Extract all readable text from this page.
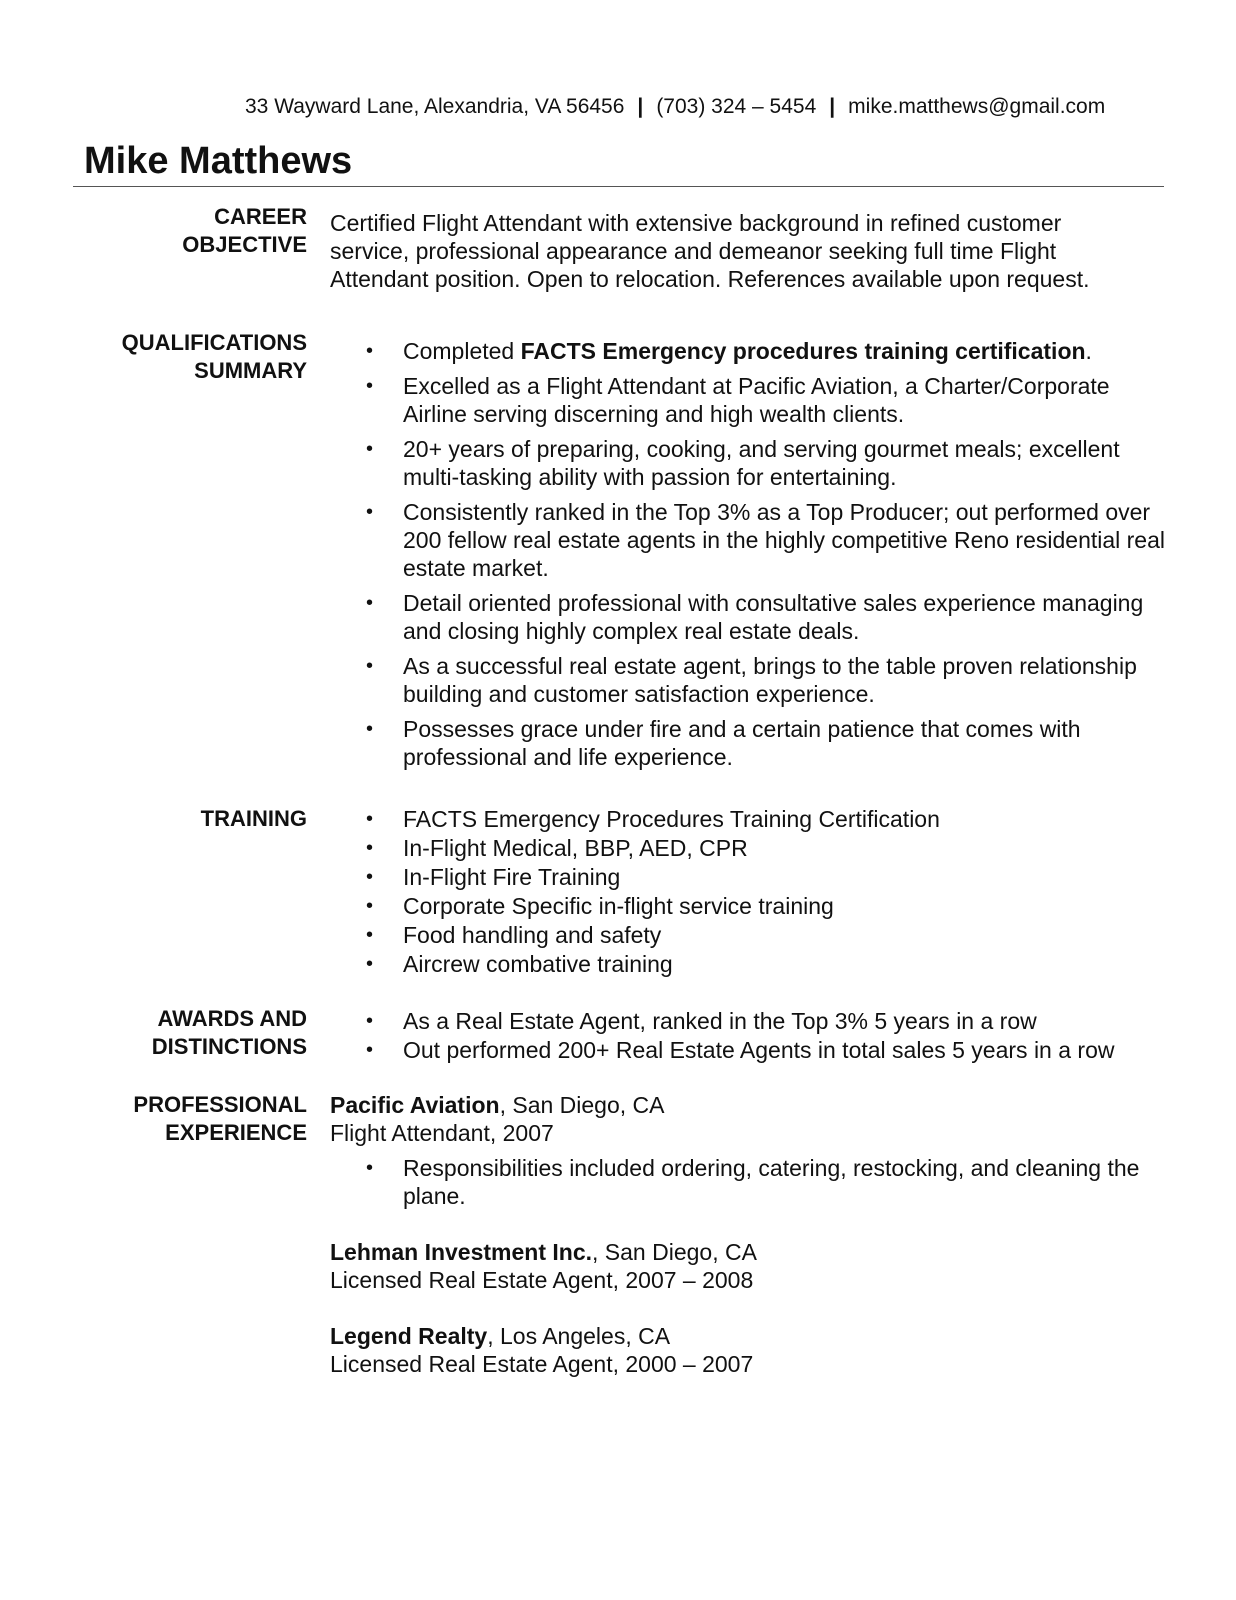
33 Wayward Lane, Alexandria, VA 56456 | (703) 324 – 5454 | mike.matthews@gmail.com
Mike Matthews
CAREER
OBJECTIVE
Certified Flight Attendant with extensive background in refined customer
service, professional appearance and demeanor seeking full time Flight
Attendant position. Open to relocation. References available upon request.
QUALIFICATIONS
SUMMARY
• Completed FACTS Emergency procedures training certification.
• Excelled as a Flight Attendant at Pacific Aviation, a Charter/Corporate Airline serving discerning and high wealth clients.
• 20+ years of preparing, cooking, and serving gourmet meals; excellent multi-tasking ability with passion for entertaining.
• Consistently ranked in the Top 3% as a Top Producer; out performed over 200 fellow real estate agents in the highly competitive Reno residential real estate market.
• Detail oriented professional with consultative sales experience managing and closing highly complex real estate deals.
• As a successful real estate agent, brings to the table proven relationship building and customer satisfaction experience.
• Possesses grace under fire and a certain patience that comes with professional and life experience.
TRAINING
•	FACTS Emergency Procedures Training Certification
• In-Flight Medical, BBP, AED, CPR
• In-Flight Fire Training
• Corporate Specific in-flight service training
• Food handling and safety
• Aircrew combative training
AWARDS AND
DISTINCTIONS
• As a Real Estate Agent, ranked in the Top 3% 5 years in a row
• Out performed 200+ Real Estate Agents in total sales 5 years in a row
PROFESSIONAL
EXPERIENCE
Pacific Aviation, San Diego, CA
Flight Attendant, 2007
• Responsibilities included ordering, catering, restocking, and cleaning the plane.
Lehman Investment Inc., San Diego, CA
Licensed Real Estate Agent, 2007 – 2008
Legend Realty, Los Angeles, CA
Licensed Real Estate Agent, 2000 – 2007
